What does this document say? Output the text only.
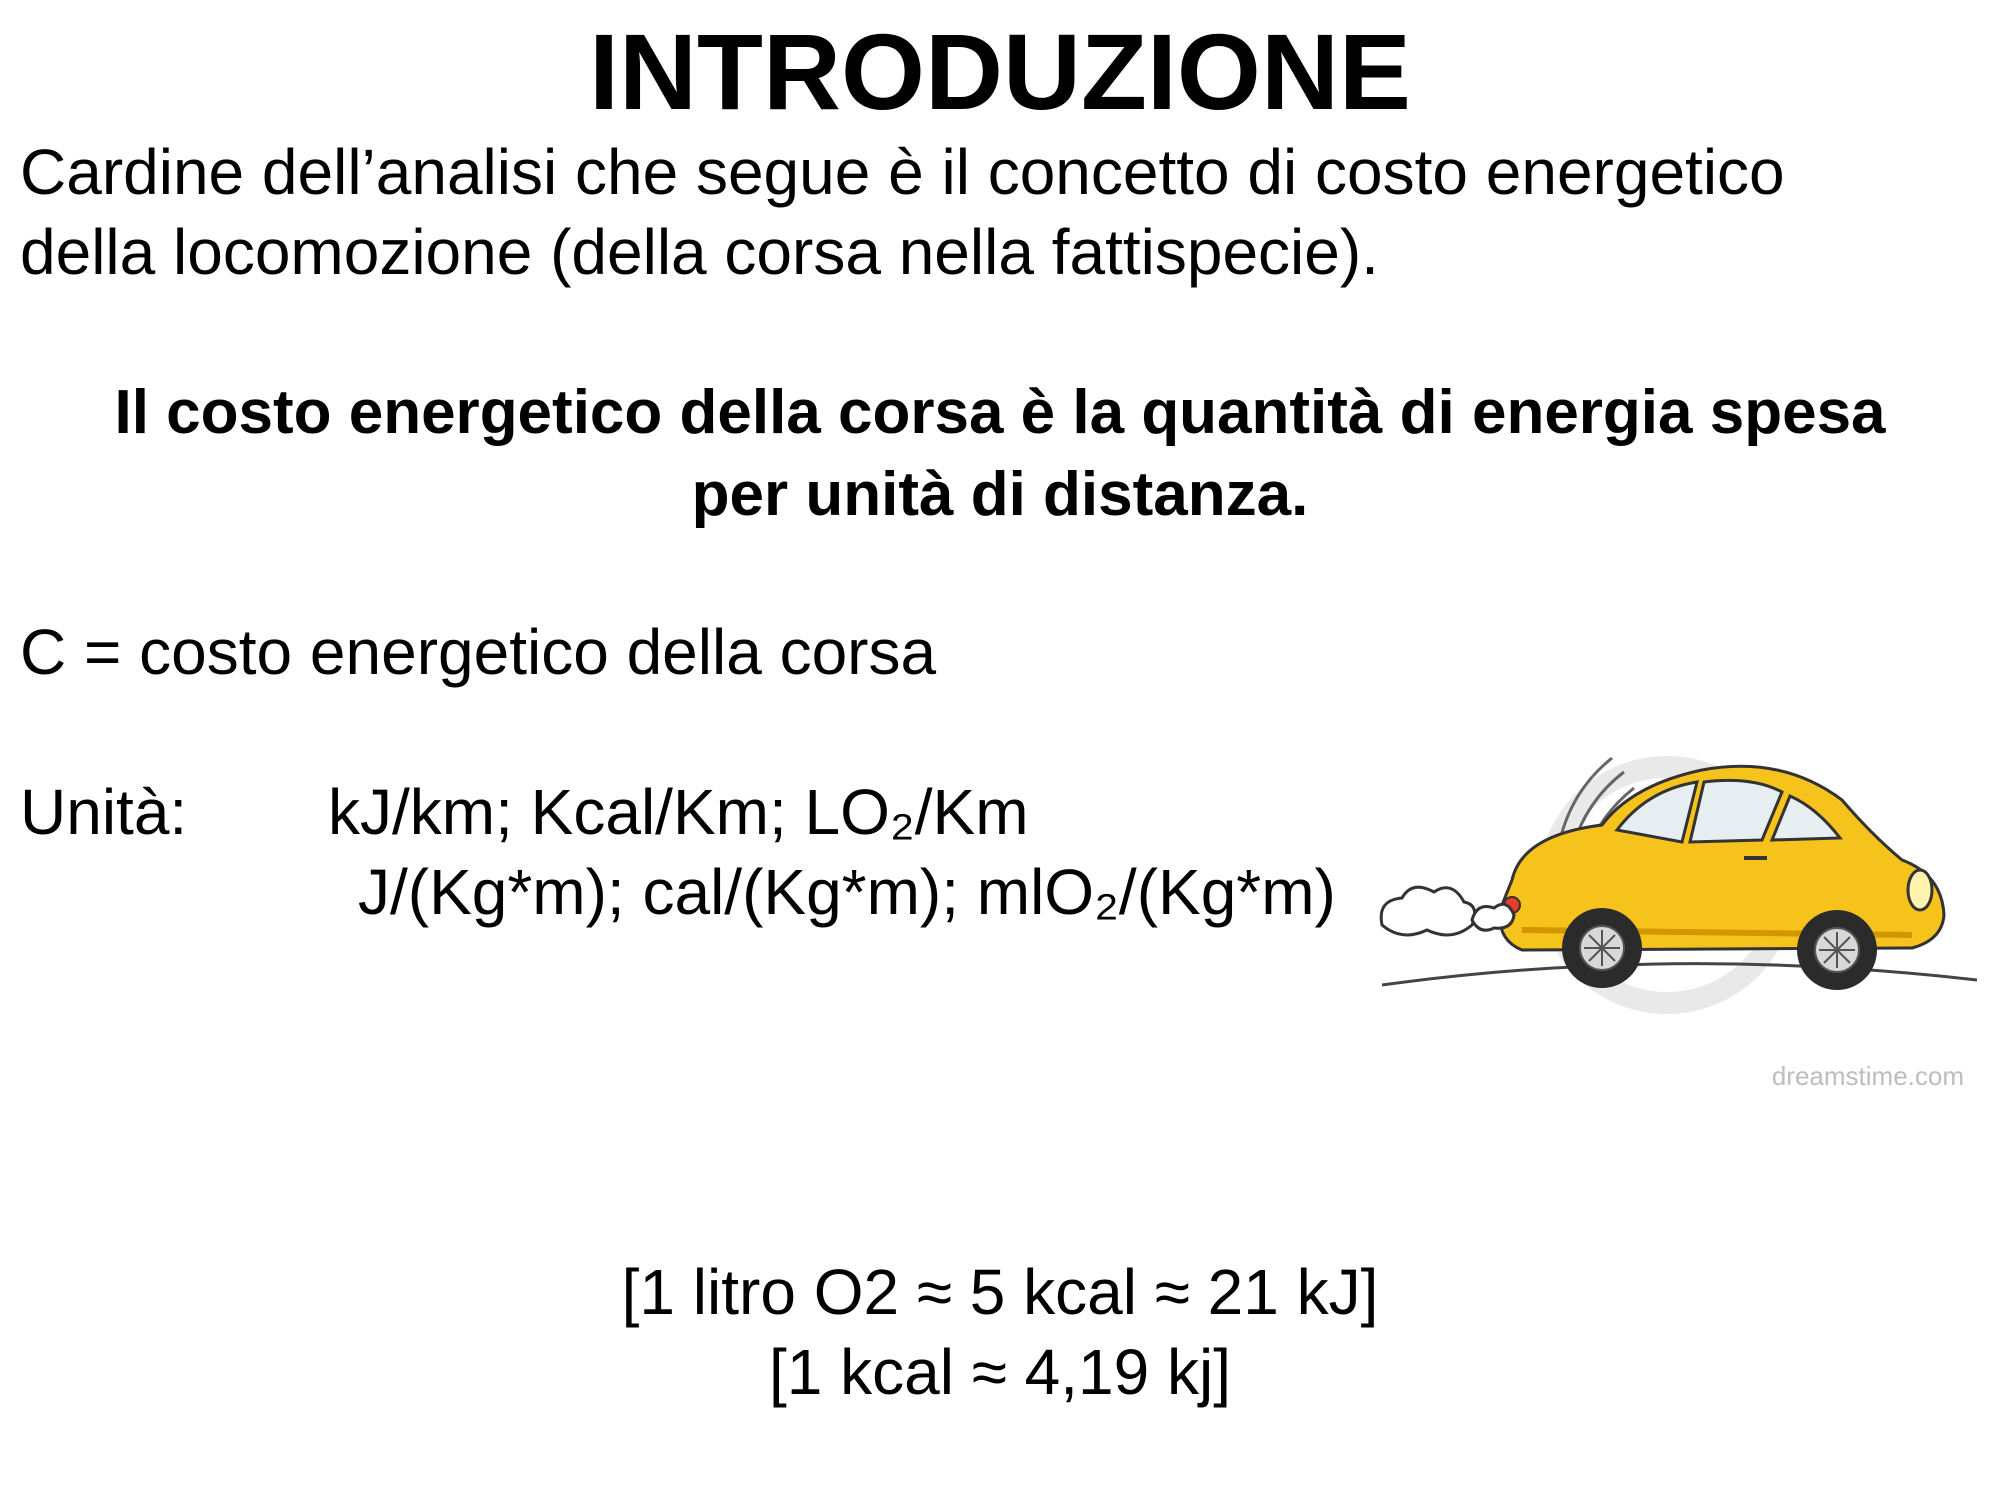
INTRODUZIONE
Cardine dell’analisi che segue è il concetto di costo energetico
della locomozione (della corsa nella fattispecie).
Il costo energetico della corsa è la quantità di energia spesa
per unità di distanza.
C = costo energetico della corsa
Unità: kJ/km; Kcal/Km; LO₂/Km
dreamstime.com
J/(Kg*m); cal/(Kg*m); mlO₂/(Kg*m)
[1 litro O2 ≈ 5 kcal ≈ 21 kJ]
[1 kcal ≈ 4,19 kj]
